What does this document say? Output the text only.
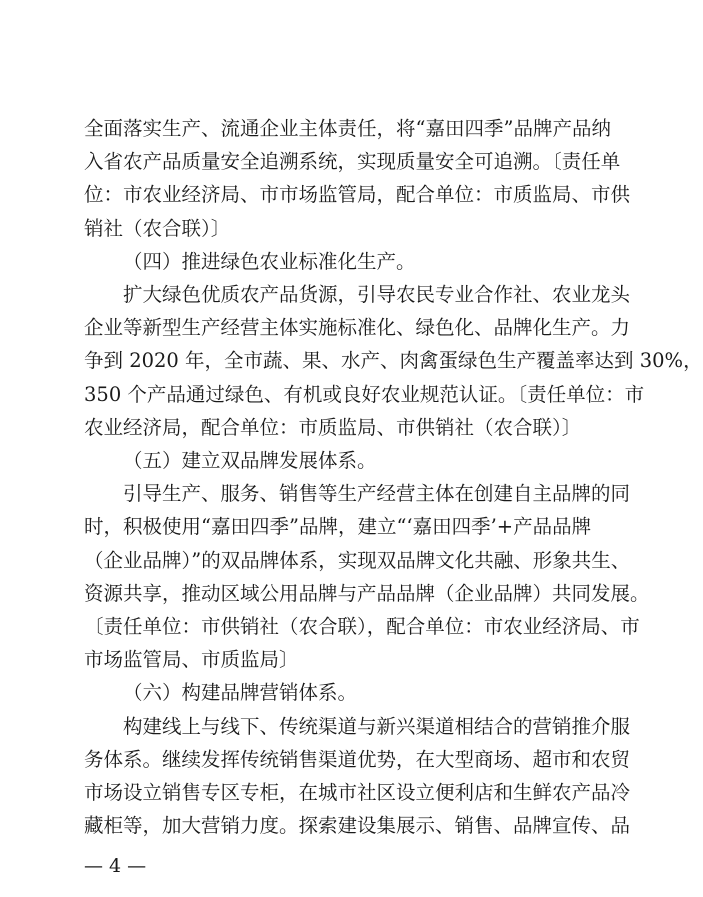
全面落实生产、流通企业主体责任，将“嘉田四季”品牌产品纳
入省农产品质量安全追溯系统，实现质量安全可追溯。〔责任单
位：市农业经济局、市市场监管局，配合单位：市质监局、市供
销社（农合联）〕
（四）推进绿色农业标准化生产。
扩大绿色优质农产品货源，引导农民专业合作社、农业龙头
企业等新型生产经营主体实施标准化、绿色化、品牌化生产。力
争到 2020 年，全市蔬、果、水产、肉禽蛋绿色生产覆盖率达到 30%，
350 个产品通过绿色、有机或良好农业规范认证。〔责任单位：市
农业经济局，配合单位：市质监局、市供销社（农合联）〕
（五）建立双品牌发展体系。
引导生产、服务、销售等生产经营主体在创建自主品牌的同
时，积极使用“嘉田四季”品牌，建立“‘嘉田四季’+产品品牌
（企业品牌）”的双品牌体系，实现双品牌文化共融、形象共生、
资源共享，推动区域公用品牌与产品品牌（企业品牌）共同发展。
〔责任单位：市供销社（农合联），配合单位：市农业经济局、市
市场监管局、市质监局〕
（六）构建品牌营销体系。
构建线上与线下、传统渠道与新兴渠道相结合的营销推介服
务体系。继续发挥传统销售渠道优势，在大型商场、超市和农贸
市场设立销售专区专柜，在城市社区设立便利店和生鲜农产品冷
藏柜等，加大营销力度。探索建设集展示、销售、品牌宣传、品
— 4 —
